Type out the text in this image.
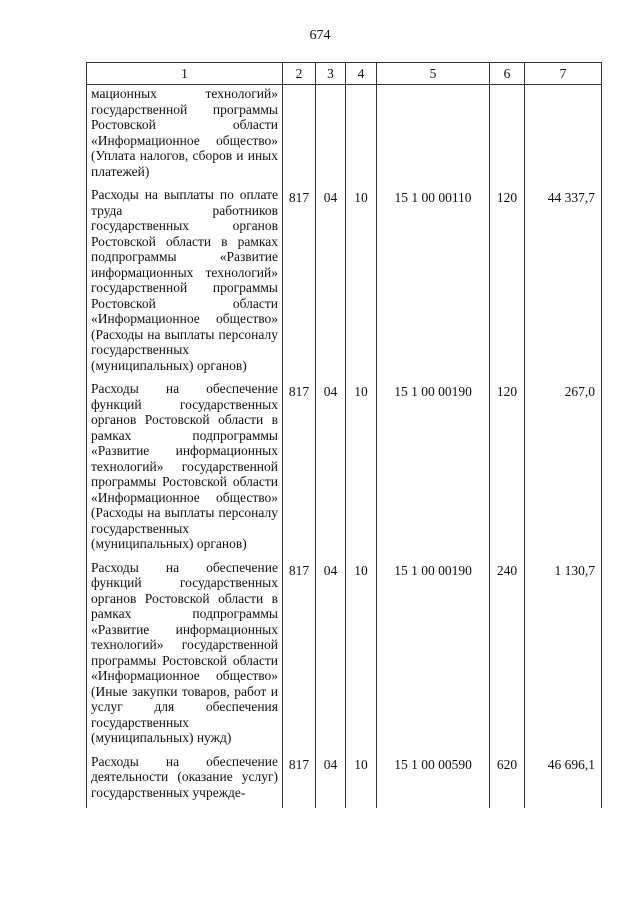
674
1	2	3	4	5	6	7
мационных технологий» государственной программы Ростовской области «Информационное общество» (Уплата налогов, сборов и иных платежей)						
Расходы на выплаты по оплате труда работников государственных органов Ростовской области в рамках подпрограммы «Развитие информационных технологий» государственной программы Ростовской области «Информационное общество» (Расходы на выплаты персоналу государственных (муниципальных) органов)	817	04	10	15 1 00 00110	120	44 337,7
Расходы на обеспечение функций государственных органов Ростовской области в рамках подпрограммы «Развитие информационных технологий» государственной программы Ростовской области «Информационное общество» (Расходы на выплаты персоналу государственных (муниципальных) органов)	817	04	10	15 1 00 00190	120	267,0
Расходы на обеспечение функций государственных органов Ростовской области в рамках подпрограммы «Развитие информационных технологий» государственной программы Ростовской области «Информационное общество» (Иные закупки товаров, работ и услуг для обеспечения государственных (муниципальных) нужд)	817	04	10	15 1 00 00190	240	1 130,7
Расходы на обеспечение деятельности (оказание услуг) государственных учрежде-	817	04	10	15 1 00 00590	620	46 696,1
